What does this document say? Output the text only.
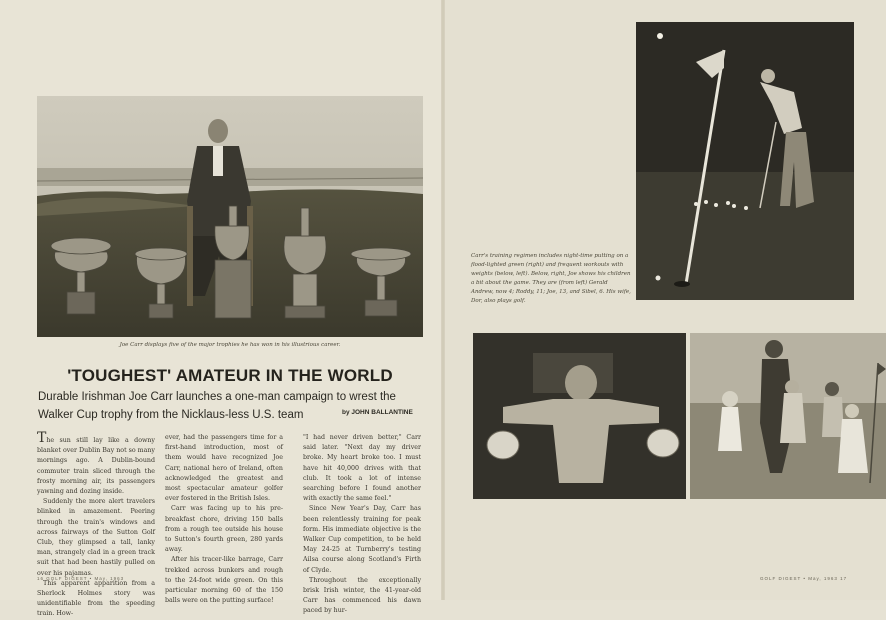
Joe Carr displays five of the major trophies he has won in his illustrious career.
'TOUGHEST' AMATEUR IN THE WORLD

Durable Irishman Joe Carr launches a one-man campaign to wrest the Walker Cup trophy from the Nicklaus-less U.S. team	by JOHN BALLANTINE

The sun still lay like a downy blanket over Dublin Bay not so many mornings ago. A Dublin-bound commuter train sliced through the frosty morning air, its passengers yawning and dozing inside.

Suddenly the more alert travelers blinked in amazement. Peering through the train's windows and across fairways of the Sutton Golf Club, they glimpsed a tall, lanky man, strangely clad in a green track suit that had been hastily pulled on over his pajamas.

This apparent apparition from a Sherlock Holmes story was unidentifiable from the speeding train. How-

ever, had the passengers time for a first-hand introduction, most of them would have recognized Joe Carr, national hero of Ireland, often acknowledged the greatest and most spectacular amateur golfer ever fostered in the British Isles.

Carr was facing up to his pre-breakfast chore, driving 150 balls from a rough tee outside his house to Sutton's fourth green, 280 yards away.

After his tracer-like barrage, Carr trekked across bunkers and rough to the 24-foot wide green. On this particular morning 60 of the 150 balls were on the putting surface!

"I had never driven better," Carr said later. "Next day my driver broke. My heart broke too. I must have hit 40,000 drives with that club. It took a lot of intense searching before I found another with exactly the same feel."

Since New Year's Day, Carr has been relentlessly training for peak form. His immediate objective is the Walker Cup competition, to be held May 24-25 at Turnberry's testing Ailsa course along Scotland's Firth of Clyde.

Throughout the exceptionally brisk Irish winter, the 41-year-old Carr has commenced his dawn paced by hur-

16 GOLF DIGEST • May, 1963
Carr's training regimen includes night-time putting on a flood-lighted green (right) and frequent workouts with weights (below, left). Below, right, Joe shows his children a bit about the game. They are (from left) Gerald Andrew, now 4; Roddy, 11; Joe, 13, and Sibel, 6. His wife, Dor, also plays golf.
GOLF DIGEST • May, 1963 17
